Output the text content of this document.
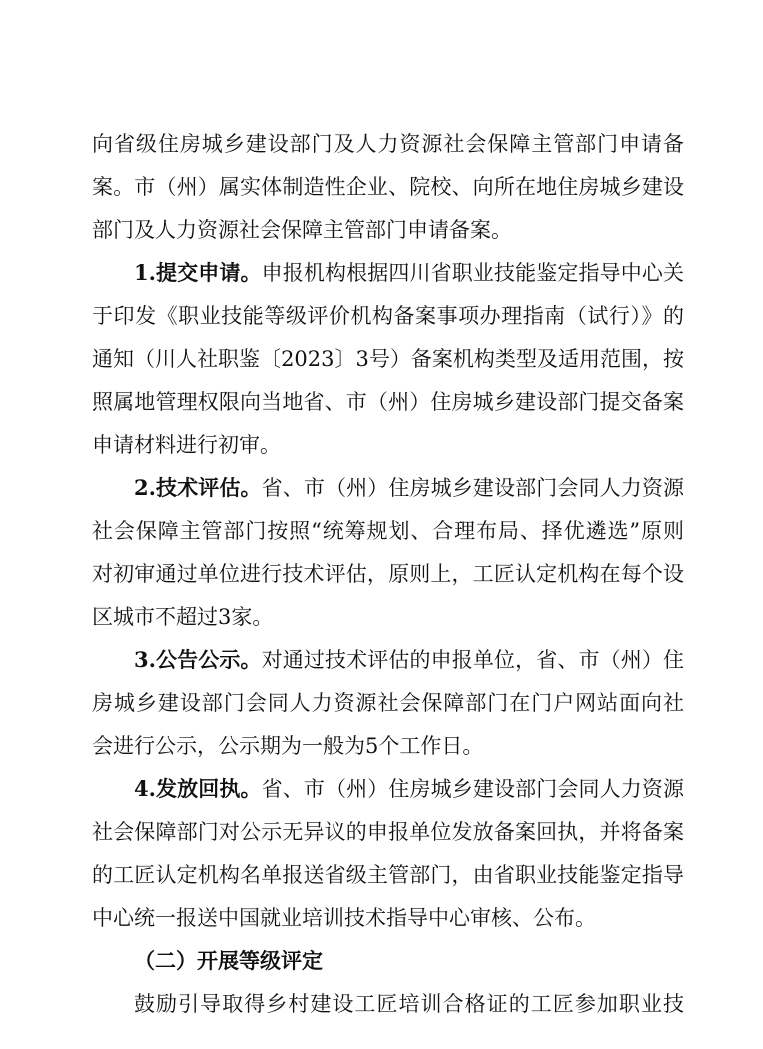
向省级住房城乡建设部门及人力资源社会保障主管部门申请备
案。市（州）属实体制造性企业、院校、向所在地住房城乡建设
部门及人力资源社会保障主管部门申请备案。
1.提交申请。申报机构根据四川省职业技能鉴定指导中心关
于印发《职业技能等级评价机构备案事项办理指南（试行）》的
通知（川人社职鉴〔2023〕3号）备案机构类型及适用范围，按
照属地管理权限向当地省、市（州）住房城乡建设部门提交备案
申请材料进行初审。
2.技术评估。省、市（州）住房城乡建设部门会同人力资源
社会保障主管部门按照“统筹规划、合理布局、择优遴选”原则
对初审通过单位进行技术评估，原则上，工匠认定机构在每个设
区城市不超过3家。
3.公告公示。对通过技术评估的申报单位，省、市（州）住
房城乡建设部门会同人力资源社会保障部门在门户网站面向社
会进行公示，公示期为一般为5个工作日。
4.发放回执。省、市（州）住房城乡建设部门会同人力资源
社会保障部门对公示无异议的申报单位发放备案回执，并将备案
的工匠认定机构名单报送省级主管部门，由省职业技能鉴定指导
中心统一报送中国就业培训技术指导中心审核、公布。
（二）开展等级评定
鼓励引导取得乡村建设工匠培训合格证的工匠参加职业技
